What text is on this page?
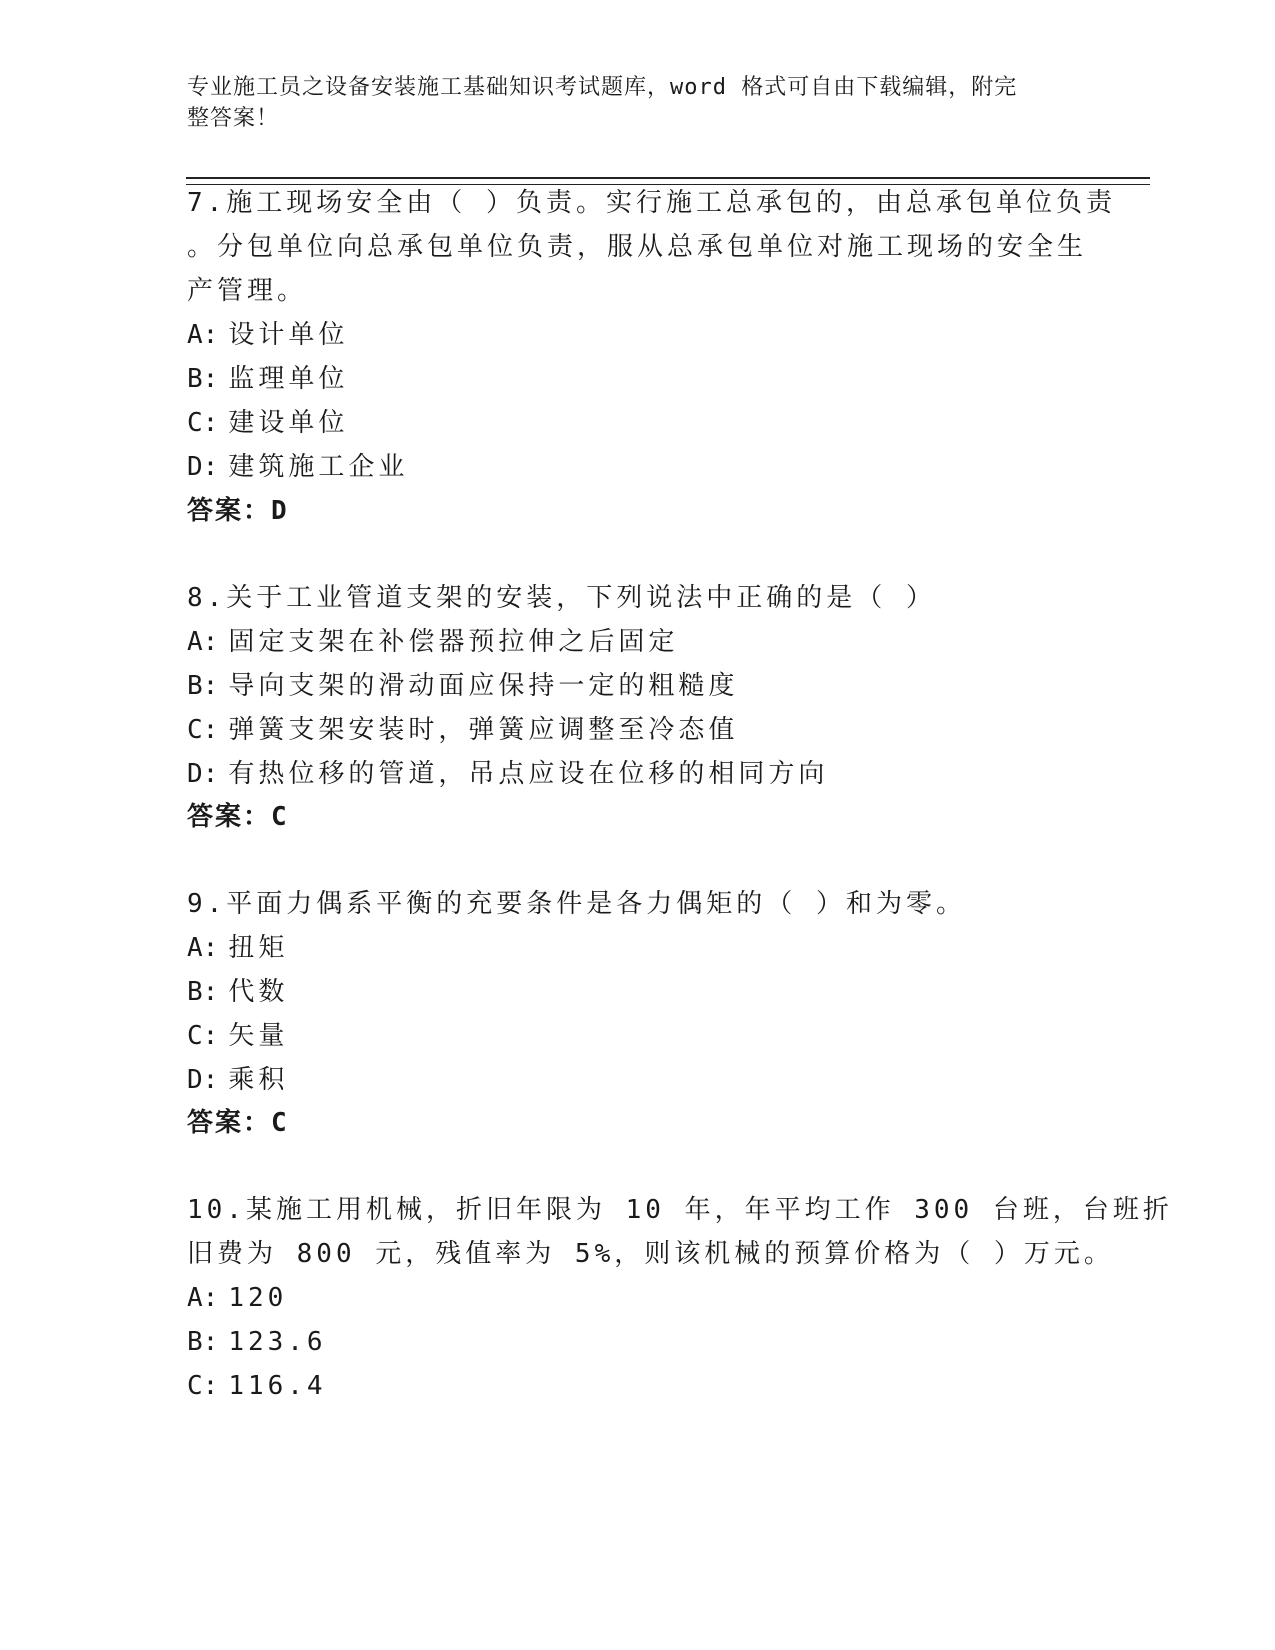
专业施工员之设备安装施工基础知识考试题库，word 格式可自由下载编辑，附完
整答案！
7.施工现场安全由（ ）负责。实行施工总承包的，由总承包单位负责
。分包单位向总承包单位负责，服从总承包单位对施工现场的安全生
产管理。
A: 设计单位
B: 监理单位
C: 建设单位
D: 建筑施工企业
答案：D
8.关于工业管道支架的安装，下列说法中正确的是（ ）
A: 固定支架在补偿器预拉伸之后固定
B: 导向支架的滑动面应保持一定的粗糙度
C: 弹簧支架安装时，弹簧应调整至冷态值
D: 有热位移的管道，吊点应设在位移的相同方向
答案：C
9.平面力偶系平衡的充要条件是各力偶矩的（ ）和为零。
A: 扭矩
B: 代数
C: 矢量
D: 乘积
答案：C
10.某施工用机械，折旧年限为 10 年，年平均工作 300 台班，台班折
旧费为 800 元，残值率为 5%，则该机械的预算价格为（ ）万元。
A: 120
B: 123.6
C: 116.4
